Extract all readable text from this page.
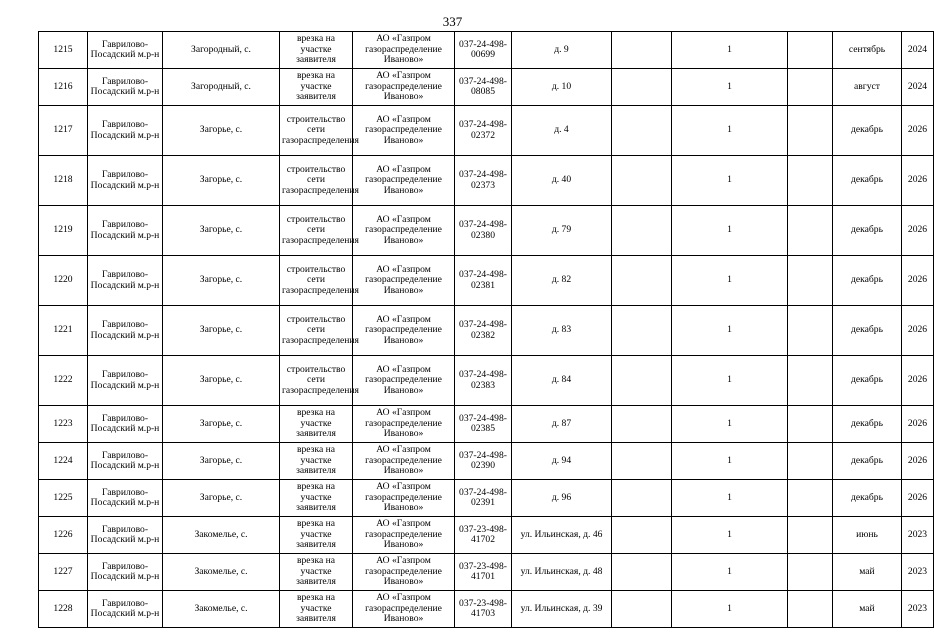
337
1215	Гаврилово-Посадский м.р-н	Загородный, с.	врезка на участке заявителя	АО «Газпром газораспределение Иваново»	037-24-498-00699	д. 9		1		сентябрь	2024
1216	Гаврилово-Посадский м.р-н	Загородный, с.	врезка на участке заявителя	АО «Газпром газораспределение Иваново»	037-24-498-08085	д. 10		1		август	2024
1217	Гаврилово-Посадский м.р-н	Загорье, с.	строительство сети газораспределения	АО «Газпром газораспределение Иваново»	037-24-498-02372	д. 4		1		декабрь	2026
1218	Гаврилово-Посадский м.р-н	Загорье, с.	строительство сети газораспределения	АО «Газпром газораспределение Иваново»	037-24-498-02373	д. 40		1		декабрь	2026
1219	Гаврилово-Посадский м.р-н	Загорье, с.	строительство сети газораспределения	АО «Газпром газораспределение Иваново»	037-24-498-02380	д. 79		1		декабрь	2026
1220	Гаврилово-Посадский м.р-н	Загорье, с.	строительство сети газораспределения	АО «Газпром газораспределение Иваново»	037-24-498-02381	д. 82		1		декабрь	2026
1221	Гаврилово-Посадский м.р-н	Загорье, с.	строительство сети газораспределения	АО «Газпром газораспределение Иваново»	037-24-498-02382	д. 83		1		декабрь	2026
1222	Гаврилово-Посадский м.р-н	Загорье, с.	строительство сети газораспределения	АО «Газпром газораспределение Иваново»	037-24-498-02383	д. 84		1		декабрь	2026
1223	Гаврилово-Посадский м.р-н	Загорье, с.	врезка на участке заявителя	АО «Газпром газораспределение Иваново»	037-24-498-02385	д. 87		1		декабрь	2026
1224	Гаврилово-Посадский м.р-н	Загорье, с.	врезка на участке заявителя	АО «Газпром газораспределение Иваново»	037-24-498-02390	д. 94		1		декабрь	2026
1225	Гаврилово-Посадский м.р-н	Загорье, с.	врезка на участке заявителя	АО «Газпром газораспределение Иваново»	037-24-498-02391	д. 96		1		декабрь	2026
1226	Гаврилово-Посадский м.р-н	Закомелье, с.	врезка на участке заявителя	АО «Газпром газораспределение Иваново»	037-23-498-41702	ул. Ильинская, д. 46		1		июнь	2023
1227	Гаврилово-Посадский м.р-н	Закомелье, с.	врезка на участке заявителя	АО «Газпром газораспределение Иваново»	037-23-498-41701	ул. Ильинская, д. 48		1		май	2023
1228	Гаврилово-Посадский м.р-н	Закомелье, с.	врезка на участке заявителя	АО «Газпром газораспределение Иваново»	037-23-498-41703	ул. Ильинская, д. 39		1		май	2023
